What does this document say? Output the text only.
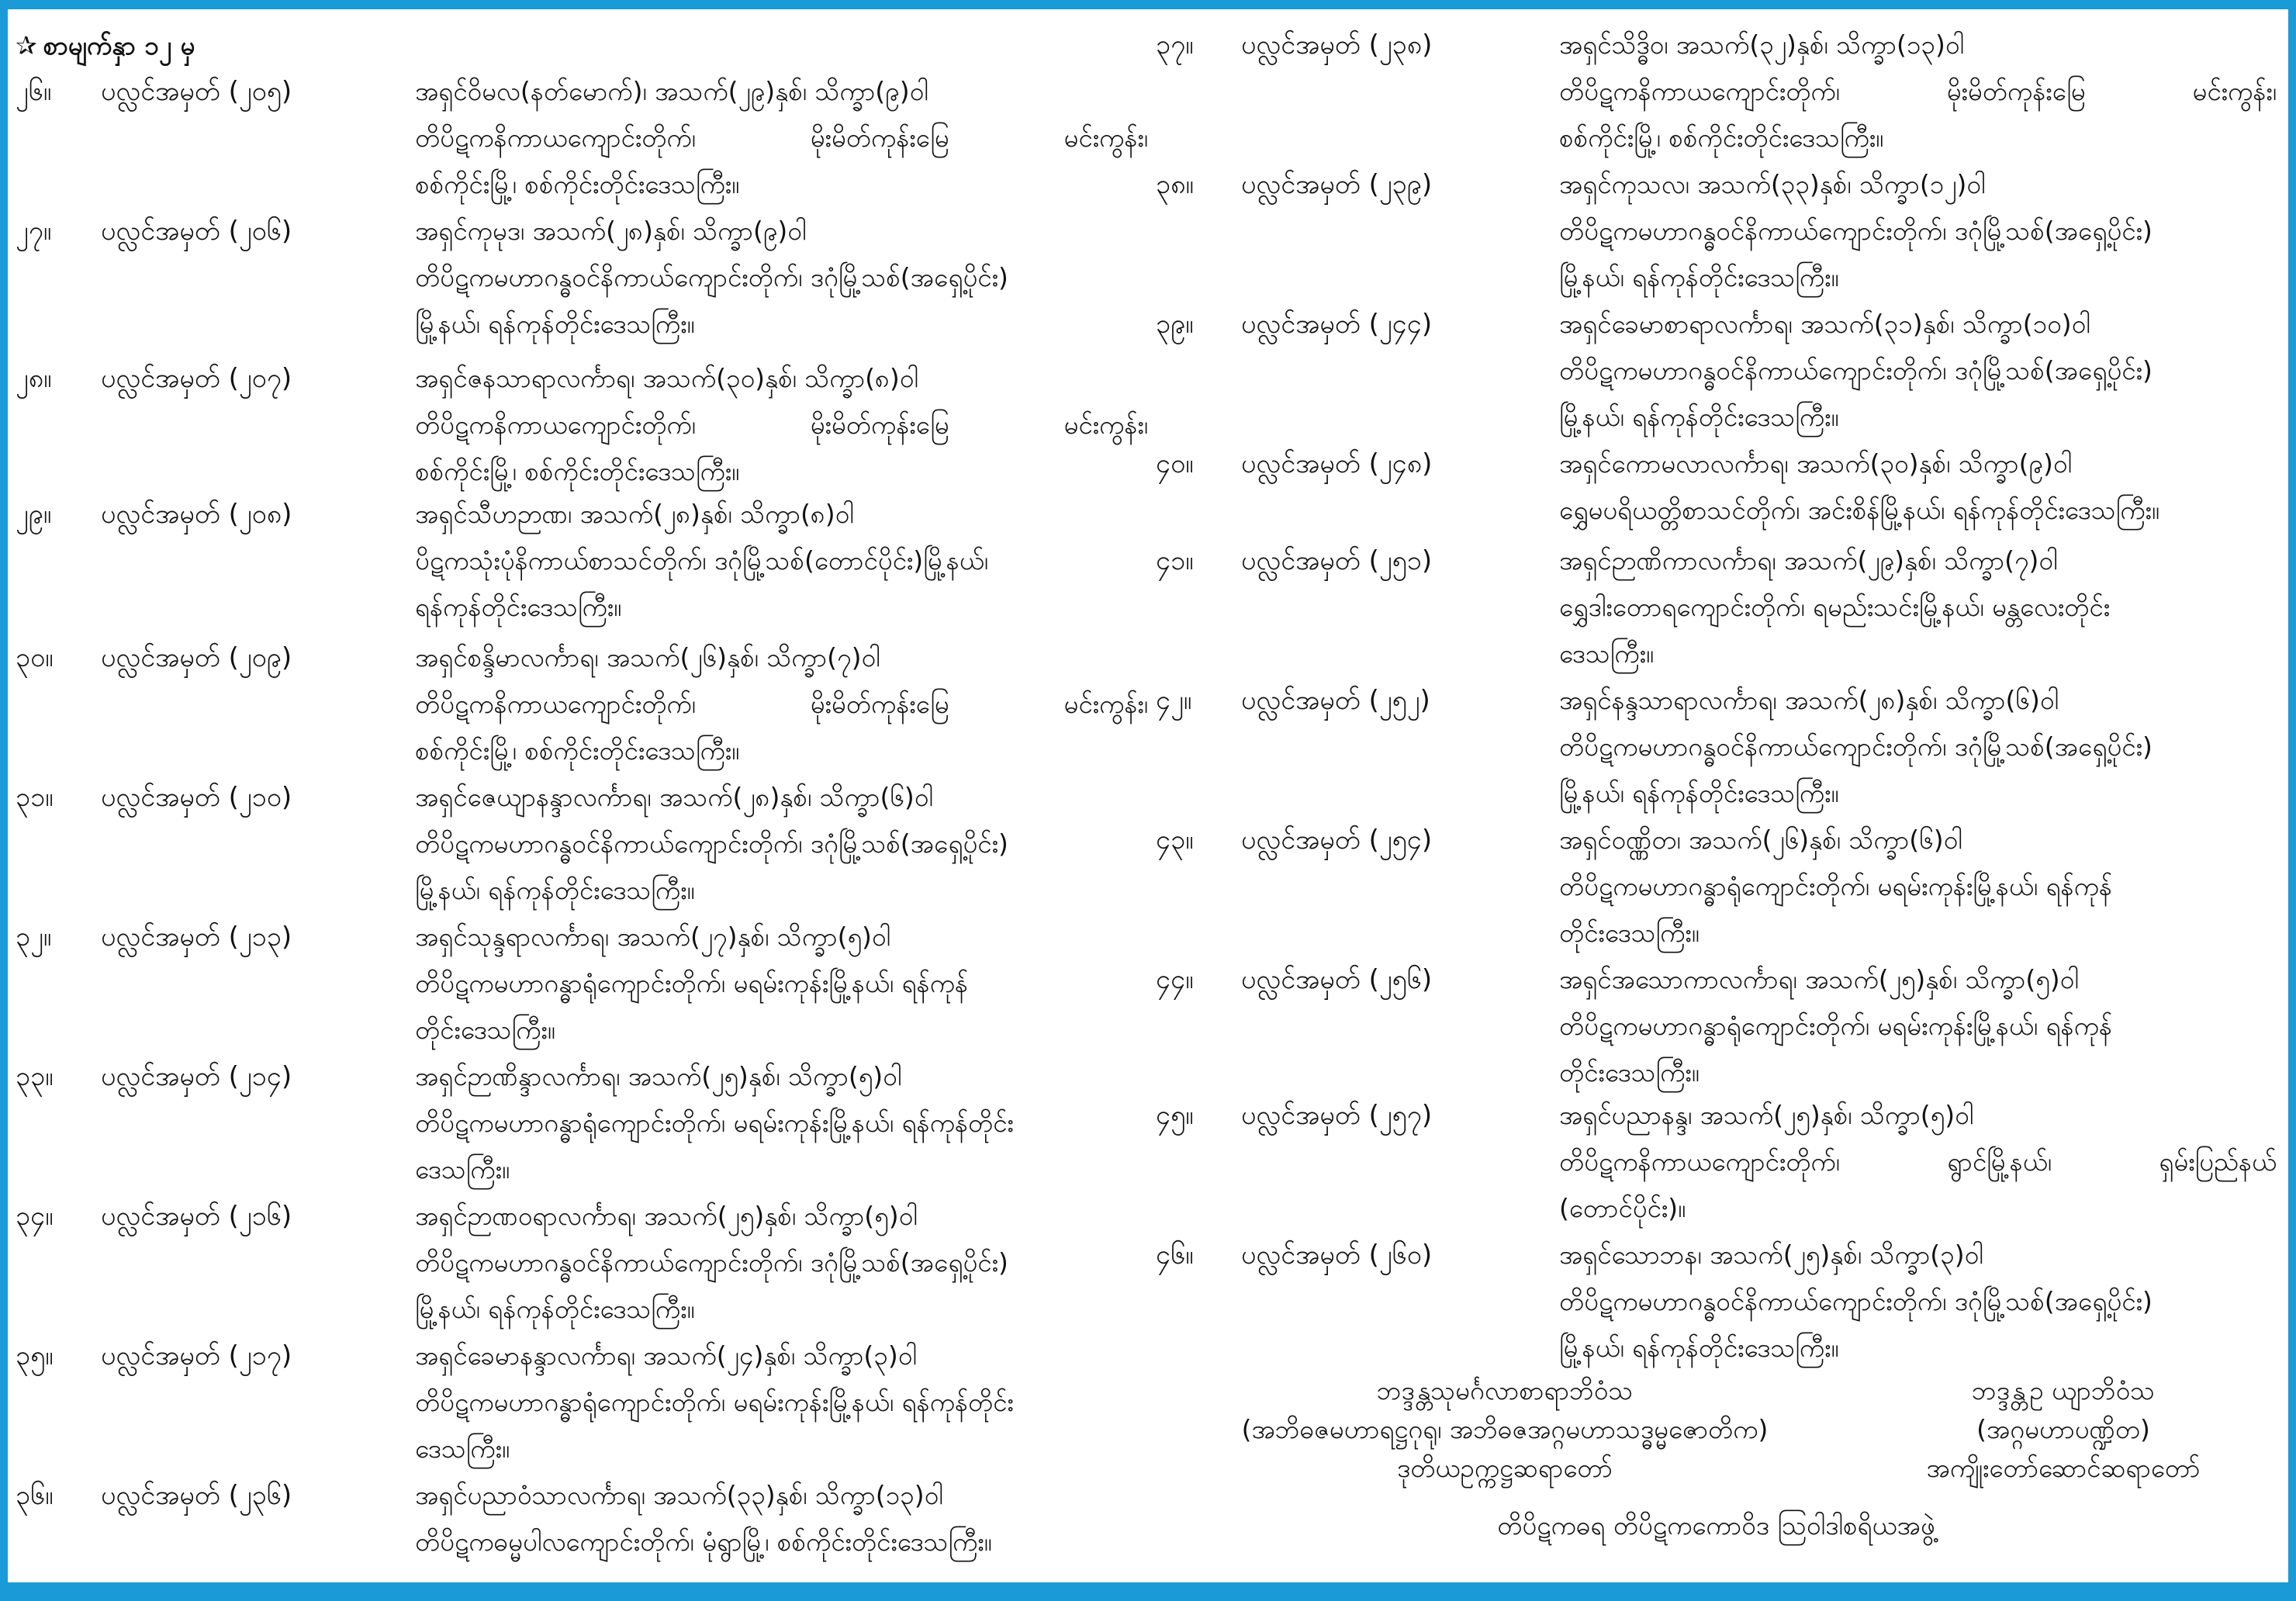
✰ စာမျက်နှာ ၁၂ မှ
၂၆။ ပလ္လင်အမှတ် (၂၀၅)	အရှင်ဝိမလ(နတ်မောက်)၊ အသက်(၂၉)နှစ်၊ သိက္ခာ(၉)ဝါ
တိပိဋကနိကာယကျောင်းတိုက်၊ မိုးမိတ်ကုန်းမြေ မင်းကွန်း၊
စစ်ကိုင်းမြို့၊ စစ်ကိုင်းတိုင်းဒေသကြီး။
၂၇။ ပလ္လင်အမှတ် (၂၀၆)	အရှင်ကုမုဒ၊ အသက်(၂၈)နှစ်၊ သိက္ခာ(၉)ဝါ
တိပိဋကမဟာဂန္ဓဝင်နိကာယ်ကျောင်းတိုက်၊ ဒဂုံမြို့သစ်(အရှေ့ပိုင်း)
မြို့နယ်၊ ရန်ကုန်တိုင်းဒေသကြီး။
၂၈။ ပလ္လင်အမှတ် (၂၀၇)	အရှင်ဇနသာရာလင်္ကာရ၊ အသက်(၃၀)နှစ်၊ သိက္ခာ(၈)ဝါ
တိပိဋကနိကာယကျောင်းတိုက်၊ မိုးမိတ်ကုန်းမြေ မင်းကွန်း၊
စစ်ကိုင်းမြို့၊ စစ်ကိုင်းတိုင်းဒေသကြီး။
၂၉။ ပလ္လင်အမှတ် (၂၀၈)	အရှင်သီဟဉာဏ၊ အသက်(၂၈)နှစ်၊ သိက္ခာ(၈)ဝါ
ပိဋကသုံးပုံနိကာယ်စာသင်တိုက်၊ ဒဂုံမြို့သစ်(တောင်ပိုင်း)မြို့နယ်၊
ရန်ကုန်တိုင်းဒေသကြီး။
၃၀။ ပလ္လင်အမှတ် (၂၀၉)	အရှင်စန္ဒိမာလင်္ကာရ၊ အသက်(၂၆)နှစ်၊ သိက္ခာ(၇)ဝါ
တိပိဋကနိကာယကျောင်းတိုက်၊ မိုးမိတ်ကုန်းမြေ မင်းကွန်း၊
စစ်ကိုင်းမြို့၊ စစ်ကိုင်းတိုင်းဒေသကြီး။
၃၁။ ပလ္လင်အမှတ် (၂၁၀)	အရှင်ဇေယျာနန္ဒာလင်္ကာရ၊ အသက်(၂၈)နှစ်၊ သိက္ခာ(၆)ဝါ
တိပိဋကမဟာဂန္ဓဝင်နိကာယ်ကျောင်းတိုက်၊ ဒဂုံမြို့သစ်(အရှေ့ပိုင်း)
မြို့နယ်၊ ရန်ကုန်တိုင်းဒေသကြီး။
၃၂။ ပလ္လင်အမှတ် (၂၁၃)	အရှင်သုန္ဒရာလင်္ကာရ၊ အသက်(၂၇)နှစ်၊ သိက္ခာ(၅)ဝါ
တိပိဋကမဟာဂန္ဓာရုံကျောင်းတိုက်၊ မရမ်းကုန်းမြို့နယ်၊ ရန်ကုန်
တိုင်းဒေသကြီး။
၃၃။ ပလ္လင်အမှတ် (၂၁၄)	အရှင်ဉာဏိန္ဒာလင်္ကာရ၊ အသက်(၂၅)နှစ်၊ သိက္ခာ(၅)ဝါ
တိပိဋကမဟာဂန္ဓာရုံကျောင်းတိုက်၊ မရမ်းကုန်းမြို့နယ်၊ ရန်ကုန်တိုင်း
ဒေသကြီး။
၃၄။ ပလ္လင်အမှတ် (၂၁၆)	အရှင်ဉာဏဝရာလင်္ကာရ၊ အသက်(၂၅)နှစ်၊ သိက္ခာ(၅)ဝါ
တိပိဋကမဟာဂန္ဓဝင်နိကာယ်ကျောင်းတိုက်၊ ဒဂုံမြို့သစ်(အရှေ့ပိုင်း)
မြို့နယ်၊ ရန်ကုန်တိုင်းဒေသကြီး။
၃၅။ ပလ္လင်အမှတ် (၂၁၇)	အရှင်ခေမာနန္ဒာလင်္ကာရ၊ အသက်(၂၄)နှစ်၊ သိက္ခာ(၃)ဝါ
တိပိဋကမဟာဂန္ဓာရုံကျောင်းတိုက်၊ မရမ်းကုန်းမြို့နယ်၊ ရန်ကုန်တိုင်း
ဒေသကြီး။
၃၆။ ပလ္လင်အမှတ် (၂၃၆)	အရှင်ပညာဝံသာလင်္ကာရ၊ အသက်(၃၃)နှစ်၊ သိက္ခာ(၁၃)ဝါ
တိပိဋကဓမ္မပါလကျောင်းတိုက်၊ မုံရွာမြို့၊ စစ်ကိုင်းတိုင်းဒေသကြီး။
၃၇။ ပလ္လင်အမှတ် (၂၃၈)	အရှင်သိဒ္ဓိဝ၊ အသက်(၃၂)နှစ်၊ သိက္ခာ(၁၃)ဝါ
တိပိဋကနိကာယကျောင်းတိုက်၊ မိုးမိတ်ကုန်းမြေ မင်းကွန်း၊
စစ်ကိုင်းမြို့၊ စစ်ကိုင်းတိုင်းဒေသကြီး။
၃၈။ ပလ္လင်အမှတ် (၂၃၉)	အရှင်ကုသလ၊ အသက်(၃၃)နှစ်၊ သိက္ခာ(၁၂)ဝါ
တိပိဋကမဟာဂန္ဓဝင်နိကာယ်ကျောင်းတိုက်၊ ဒဂုံမြို့သစ်(အရှေ့ပိုင်း)
မြို့နယ်၊ ရန်ကုန်တိုင်းဒေသကြီး။
၃၉။ ပလ္လင်အမှတ် (၂၄၄)	အရှင်ခေမာစာရာလင်္ကာရ၊ အသက်(၃၁)နှစ်၊ သိက္ခာ(၁၀)ဝါ
တိပိဋကမဟာဂန္ဓဝင်နိကာယ်ကျောင်းတိုက်၊ ဒဂုံမြို့သစ်(အရှေ့ပိုင်း)
မြို့နယ်၊ ရန်ကုန်တိုင်းဒေသကြီး။
၄၀။ ပလ္လင်အမှတ် (၂၄၈)	အရှင်ကောမလာလင်္ကာရ၊ အသက်(၃၀)နှစ်၊ သိက္ခာ(၉)ဝါ
ရွှေမပရိယတ္တိစာသင်တိုက်၊ အင်းစိန်မြို့နယ်၊ ရန်ကုန်တိုင်းဒေသကြီး။
၄၁။ ပလ္လင်အမှတ် (၂၅၁)	အရှင်ဉာဏိကာလင်္ကာရ၊ အသက်(၂၉)နှစ်၊ သိက္ခာ(၇)ဝါ
ရွှေဒါးတောရကျောင်းတိုက်၊ ရမည်းသင်းမြို့နယ်၊ မန္တလေးတိုင်း
ဒေသကြီး။
၄၂။ ပလ္လင်အမှတ် (၂၅၂)	အရှင်နန္ဒသာရာလင်္ကာရ၊ အသက်(၂၈)နှစ်၊ သိက္ခာ(၆)ဝါ
တိပိဋကမဟာဂန္ဓဝင်နိကာယ်ကျောင်းတိုက်၊ ဒဂုံမြို့သစ်(အရှေ့ပိုင်း)
မြို့နယ်၊ ရန်ကုန်တိုင်းဒေသကြီး။
၄၃။ ပလ္လင်အမှတ် (၂၅၄)	အရှင်ဝဏ္ဏိတ၊ အသက်(၂၆)နှစ်၊ သိက္ခာ(၆)ဝါ
တိပိဋကမဟာဂန္ဓာရုံကျောင်းတိုက်၊ မရမ်းကုန်းမြို့နယ်၊ ရန်ကုန်
တိုင်းဒေသကြီး။
၄၄။ ပလ္လင်အမှတ် (၂၅၆)	အရှင်အသောကာလင်္ကာရ၊ အသက်(၂၅)နှစ်၊ သိက္ခာ(၅)ဝါ
တိပိဋကမဟာဂန္ဓာရုံကျောင်းတိုက်၊ မရမ်းကုန်းမြို့နယ်၊ ရန်ကုန်
တိုင်းဒေသကြီး။
၄၅။ ပလ္လင်အမှတ် (၂၅၇)	အရှင်ပညာနန္ဒ၊ အသက်(၂၅)နှစ်၊ သိက္ခာ(၅)ဝါ
တိပိဋကနိကာယကျောင်းတိုက်၊ ရွာင်မြို့နယ်၊ ရှမ်းပြည်နယ်
(တောင်ပိုင်း)။
၄၆။ ပလ္လင်အမှတ် (၂၆၀)	အရှင်သောဘန၊ အသက်(၂၅)နှစ်၊ သိက္ခာ(၃)ဝါ
တိပိဋကမဟာဂန္ဓဝင်နိကာယ်ကျောင်းတိုက်၊ ဒဂုံမြို့သစ်(အရှေ့ပိုင်း)
မြို့နယ်၊ ရန်ကုန်တိုင်းဒေသကြီး။
ဘဒ္ဒန္တသုမင်္ဂလာစာရာဘိဝံသ
(အဘိဓဇမဟာရဋ္ဌဂုရု၊ အဘိဓဇအဂ္ဂမဟာသဒ္ဓမ္မဇောတိက)
ဒုတိယဥက္ကဋ္ဌဆရာတော်
ဘဒ္ဒန္တဥ ယျာဘိဝံသ
(အဂ္ဂမဟာပဏ္ဍိတ)
အကျိုးတော်ဆောင်ဆရာတော်
တိပိဋကဓရ တိပိဋကကောဝိဒ ဩဝါဒါစရိယအဖွဲ့
